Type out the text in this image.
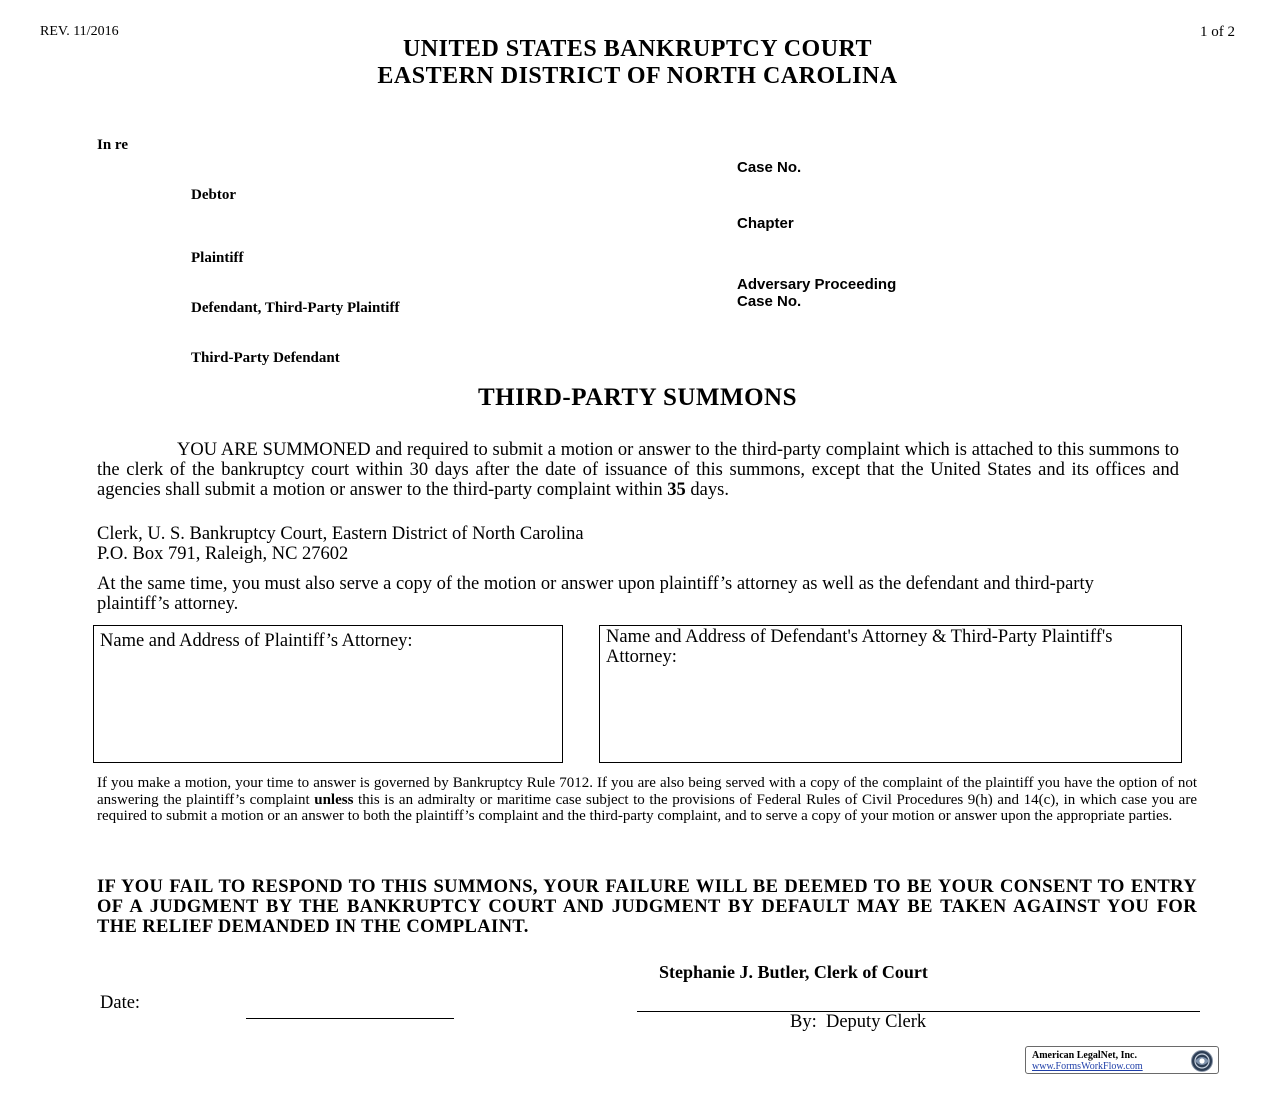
REV. 11/2016	1 of 2
UNITED STATES BANKRUPTCY COURT
EASTERN DISTRICT OF NORTH CAROLINA
In re
Debtor
Plaintiff
Defendant, Third-Party Plaintiff
Third-Party Defendant
Case No.
Chapter
Adversary Proceeding
Case No.
THIRD-PARTY SUMMONS
YOU ARE SUMMONED and required to submit a motion or answer to the third-party complaint which is attached to this summons to the clerk of the bankruptcy court within 30 days after the date of issuance of this summons, except that the United States and its offices and agencies shall submit a motion or answer to the third-party complaint within 35 days.
Clerk, U. S. Bankruptcy Court, Eastern District of North Carolina
P.O. Box 791, Raleigh, NC 27602
At the same time, you must also serve a copy of the motion or answer upon plaintiff’s attorney as well as the defendant and third-party plaintiff’s attorney.
Name and Address of Plaintiff’s Attorney:	Name and Address of Defendant's Attorney & Third-Party Plaintiff's Attorney:
If you make a motion, your time to answer is governed by Bankruptcy Rule 7012. If you are also being served with a copy of the complaint of the plaintiff you have the option of not answering the plaintiff’s complaint unless this is an admiralty or maritime case subject to the provisions of Federal Rules of Civil Procedures 9(h) and 14(c), in which case you are required to submit a motion or an answer to both the plaintiff’s complaint and the third-party complaint, and to serve a copy of your motion or answer upon the appropriate parties.
IF YOU FAIL TO RESPOND TO THIS SUMMONS, YOUR FAILURE WILL BE DEEMED TO BE YOUR CONSENT TO ENTRY OF A JUDGMENT BY THE BANKRUPTCY COURT AND JUDGMENT BY DEFAULT MAY BE TAKEN AGAINST YOU FOR THE RELIEF DEMANDED IN THE COMPLAINT.
Stephanie J. Butler, Clerk of Court
Date:
By:  Deputy Clerk
American LegalNet, Inc.
www.FormsWorkFlow.com
